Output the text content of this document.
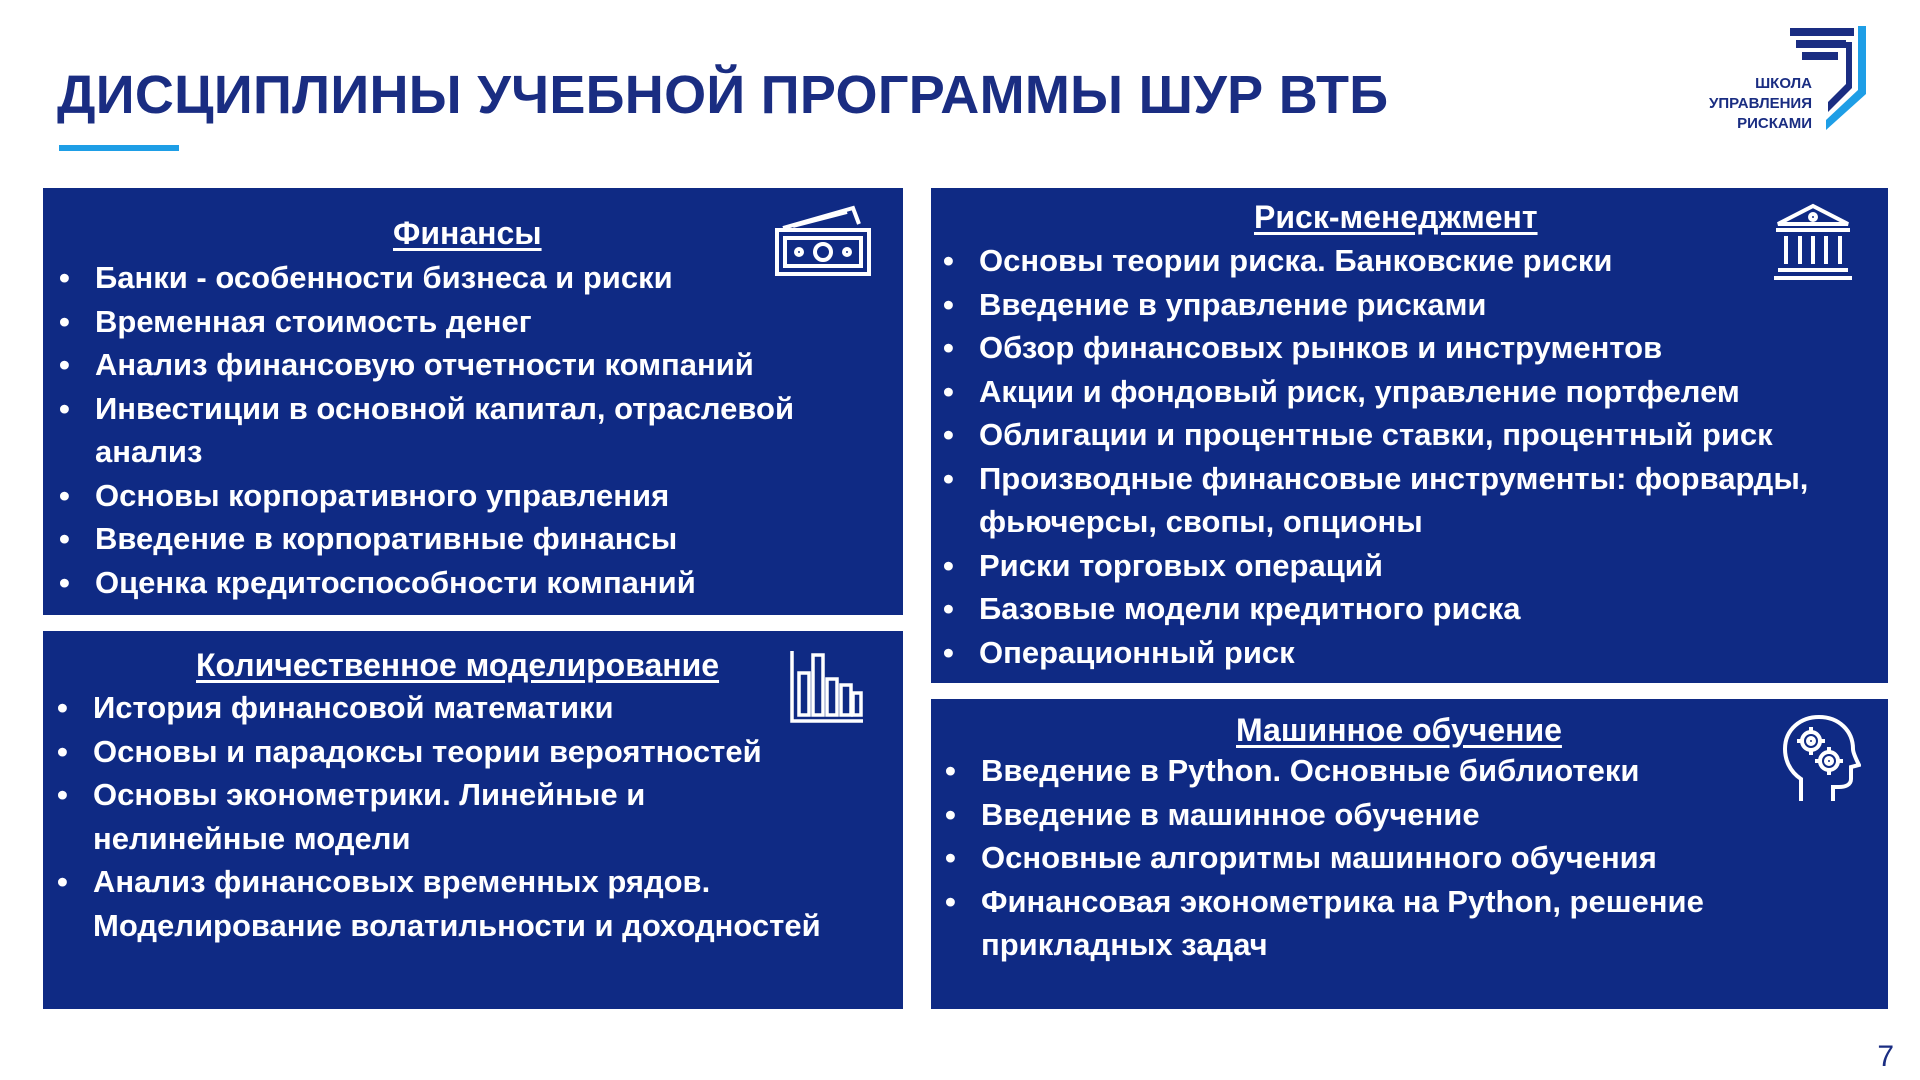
ДИСЦИПЛИНЫ УЧЕБНОЙ ПРОГРАММЫ ШУР ВТБ	ШКОЛА
УПРАВЛЕНИЯ
РИСКАМИ
Финансы
• Банки - особенности бизнеса и риски
• Временная стоимость денег
• Анализ финансовую отчетности компаний
• Инвестиции в основной капитал, отраслевой анализ
• Основы корпоративного управления
• Введение в корпоративные финансы
• Оценка кредитоспособности компаний
Количественное моделирование
• История финансовой математики
• Основы и парадоксы теории вероятностей
• Основы эконометрики. Линейные и нелинейные модели
• Анализ финансовых временных рядов. Моделирование волатильности и доходностей
Риск-менеджмент
• Основы теории риска. Банковские риски
• Введение в управление рисками
• Обзор финансовых рынков и инструментов
• Акции и фондовый риск, управление портфелем
• Облигации и процентные ставки, процентный риск
• Производные финансовые инструменты: форварды, фьючерсы, свопы, опционы
• Риски торговых операций
• Базовые модели кредитного риска
• Операционный риск
Машинное обучение
• Введение в Python. Основные библиотеки
• Введение в машинное обучение
• Основные алгоритмы машинного обучения
• Финансовая эконометрика на Python, решение прикладных задач
7
